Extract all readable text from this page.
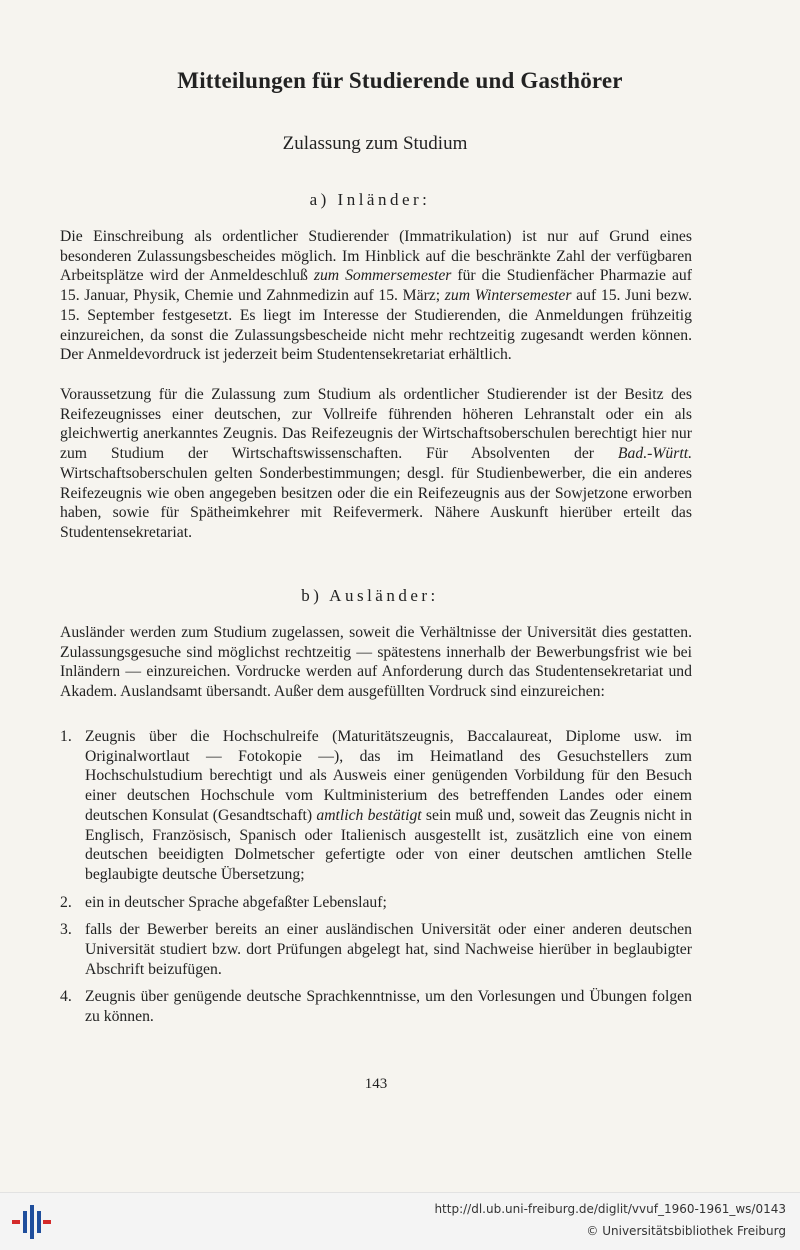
Mitteilungen für Studierende und Gasthörer
Zulassung zum Studium
a) Inländer:

Die Einschreibung als ordentlicher Studierender (Immatrikulation) ist nur auf Grund eines besonderen Zulassungsbescheides möglich. Im Hinblick auf die beschränkte Zahl der verfügbaren Arbeitsplätze wird der Anmeldeschluß zum Sommersemester für die Studienfächer Pharmazie auf 15. Januar, Physik, Chemie und Zahnmedizin auf 15. März; zum Wintersemester auf 15. Juni bezw. 15. September festgesetzt. Es liegt im Interesse der Studierenden, die Anmeldungen frühzeitig einzureichen, da sonst die Zulassungsbescheide nicht mehr rechtzeitig zugesandt werden können. Der Anmeldevordruck ist jederzeit beim Studentensekretariat erhältlich.

Voraussetzung für die Zulassung zum Studium als ordentlicher Studierender ist der Besitz des Reifezeugnisses einer deutschen, zur Vollreife führenden höheren Lehranstalt oder ein als gleichwertig anerkanntes Zeugnis. Das Reifezeugnis der Wirtschaftsoberschulen berechtigt hier nur zum Studium der Wirtschaftswissenschaften. Für Absolventen der Bad.-Württ. Wirtschaftsoberschulen gelten Sonderbestimmungen; desgl. für Studienbewerber, die ein anderes Reifezeugnis wie oben angegeben besitzen oder die ein Reifezeugnis aus der Sowjetzone erworben haben, sowie für Spätheimkehrer mit Reifevermerk. Nähere Auskunft hierüber erteilt das Studentensekretariat.

b) Ausländer:

Ausländer werden zum Studium zugelassen, soweit die Verhältnisse der Universität dies gestatten. Zulassungsgesuche sind möglichst rechtzeitig — spätestens innerhalb der Bewerbungsfrist wie bei Inländern — einzureichen. Vordrucke werden auf Anforderung durch das Studentensekretariat und Akadem. Auslandsamt übersandt. Außer dem ausgefüllten Vordruck sind einzureichen:

1. Zeugnis über die Hochschulreife (Maturitätszeugnis, Baccalaureat, Diplome usw. im Originalwortlaut — Fotokopie —), das im Heimatland des Gesuchstellers zum Hochschulstudium berechtigt und als Ausweis einer genügenden Vorbildung für den Besuch einer deutschen Hochschule vom Kultministerium des betreffenden Landes oder einem deutschen Konsulat (Gesandtschaft) amtlich bestätigt sein muß und, soweit das Zeugnis nicht in Englisch, Französisch, Spanisch oder Italienisch ausgestellt ist, zusätzlich eine von einem deutschen beeidigten Dolmetscher gefertigte oder von einer deutschen amtlichen Stelle beglaubigte deutsche Übersetzung;
2. ein in deutscher Sprache abgefaßter Lebenslauf;
3. falls der Bewerber bereits an einer ausländischen Universität oder einer anderen deutschen Universität studiert bzw. dort Prüfungen abgelegt hat, sind Nachweise hierüber in beglaubigter Abschrift beizufügen.
4. Zeugnis über genügende deutsche Sprachkenntnisse, um den Vorlesungen und Übungen folgen zu können.
143
http://dl.ub.uni-freiburg.de/diglit/vvuf_1960-1961_ws/0143
© Universitätsbibliothek Freiburg
